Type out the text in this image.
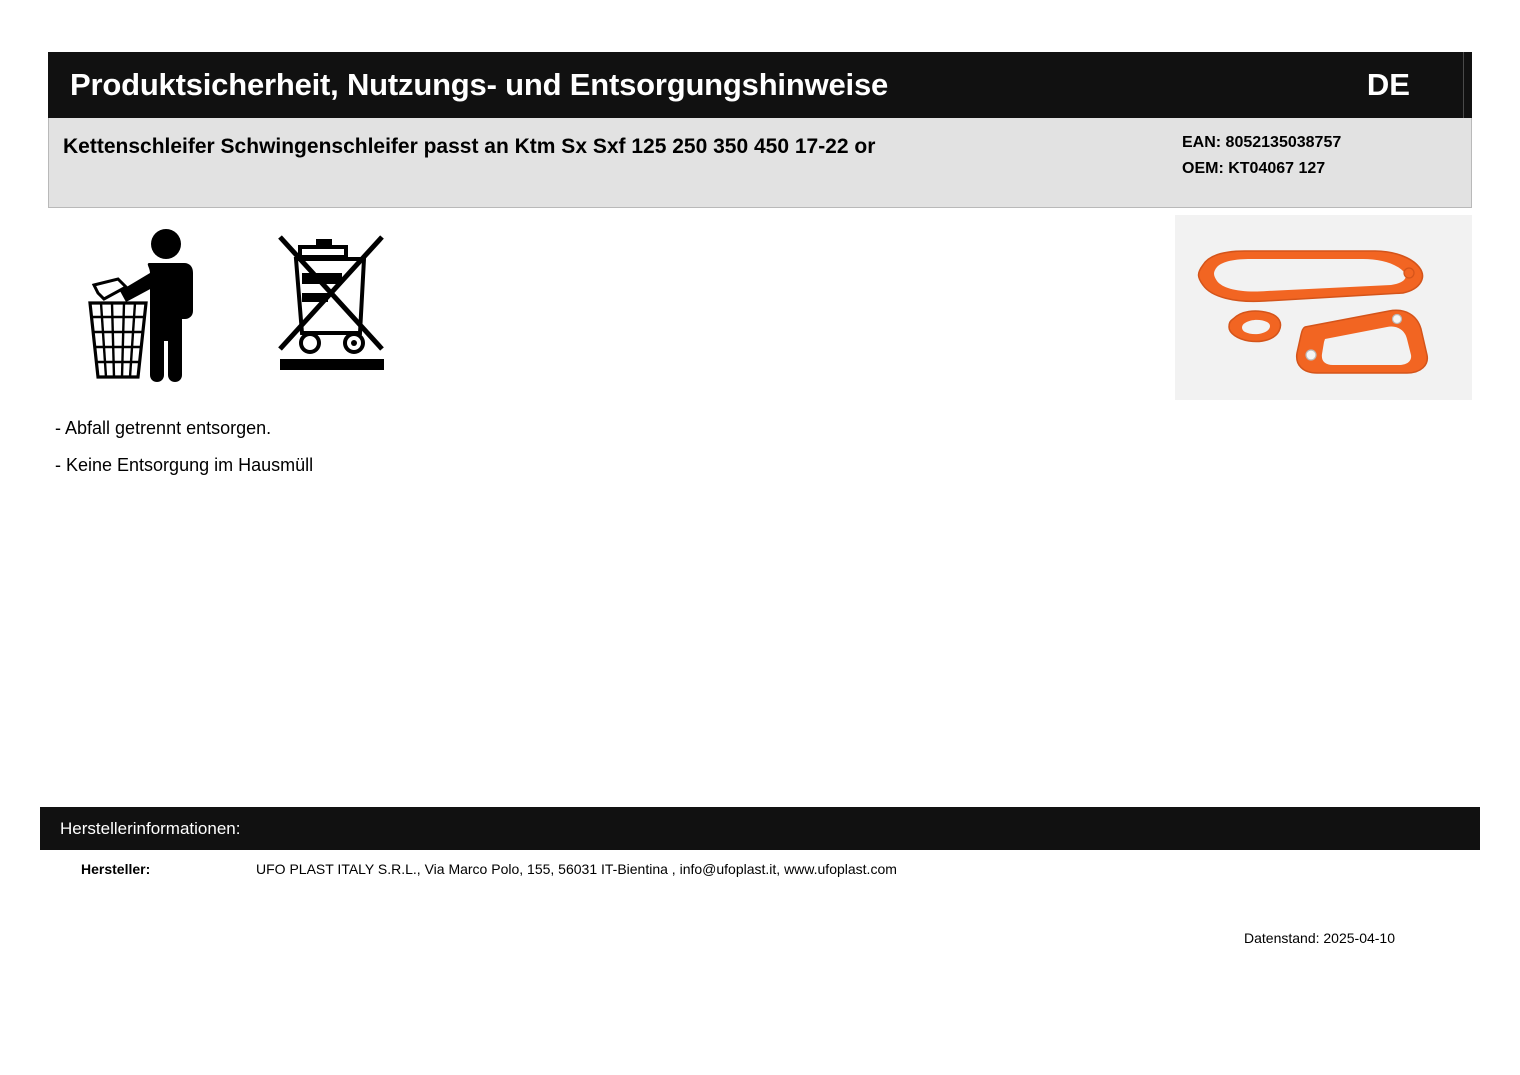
Produktsicherheit, Nutzungs- und Entsorgungshinweise	DE
Kettenschleifer Schwingenschleifer passt an Ktm Sx Sxf 125 250 350 450 17-22 or	EAN: 8052135038757
OEM: KT04067 127
- Abfall getrennt entsorgen.
- Keine Entsorgung im Hausmüll
Herstellerinformationen:
Hersteller:	UFO PLAST ITALY S.R.L., Via Marco Polo, 155, 56031 IT-Bientina , info@ufoplast.it, www.ufoplast.com
Datenstand: 2025-04-10
